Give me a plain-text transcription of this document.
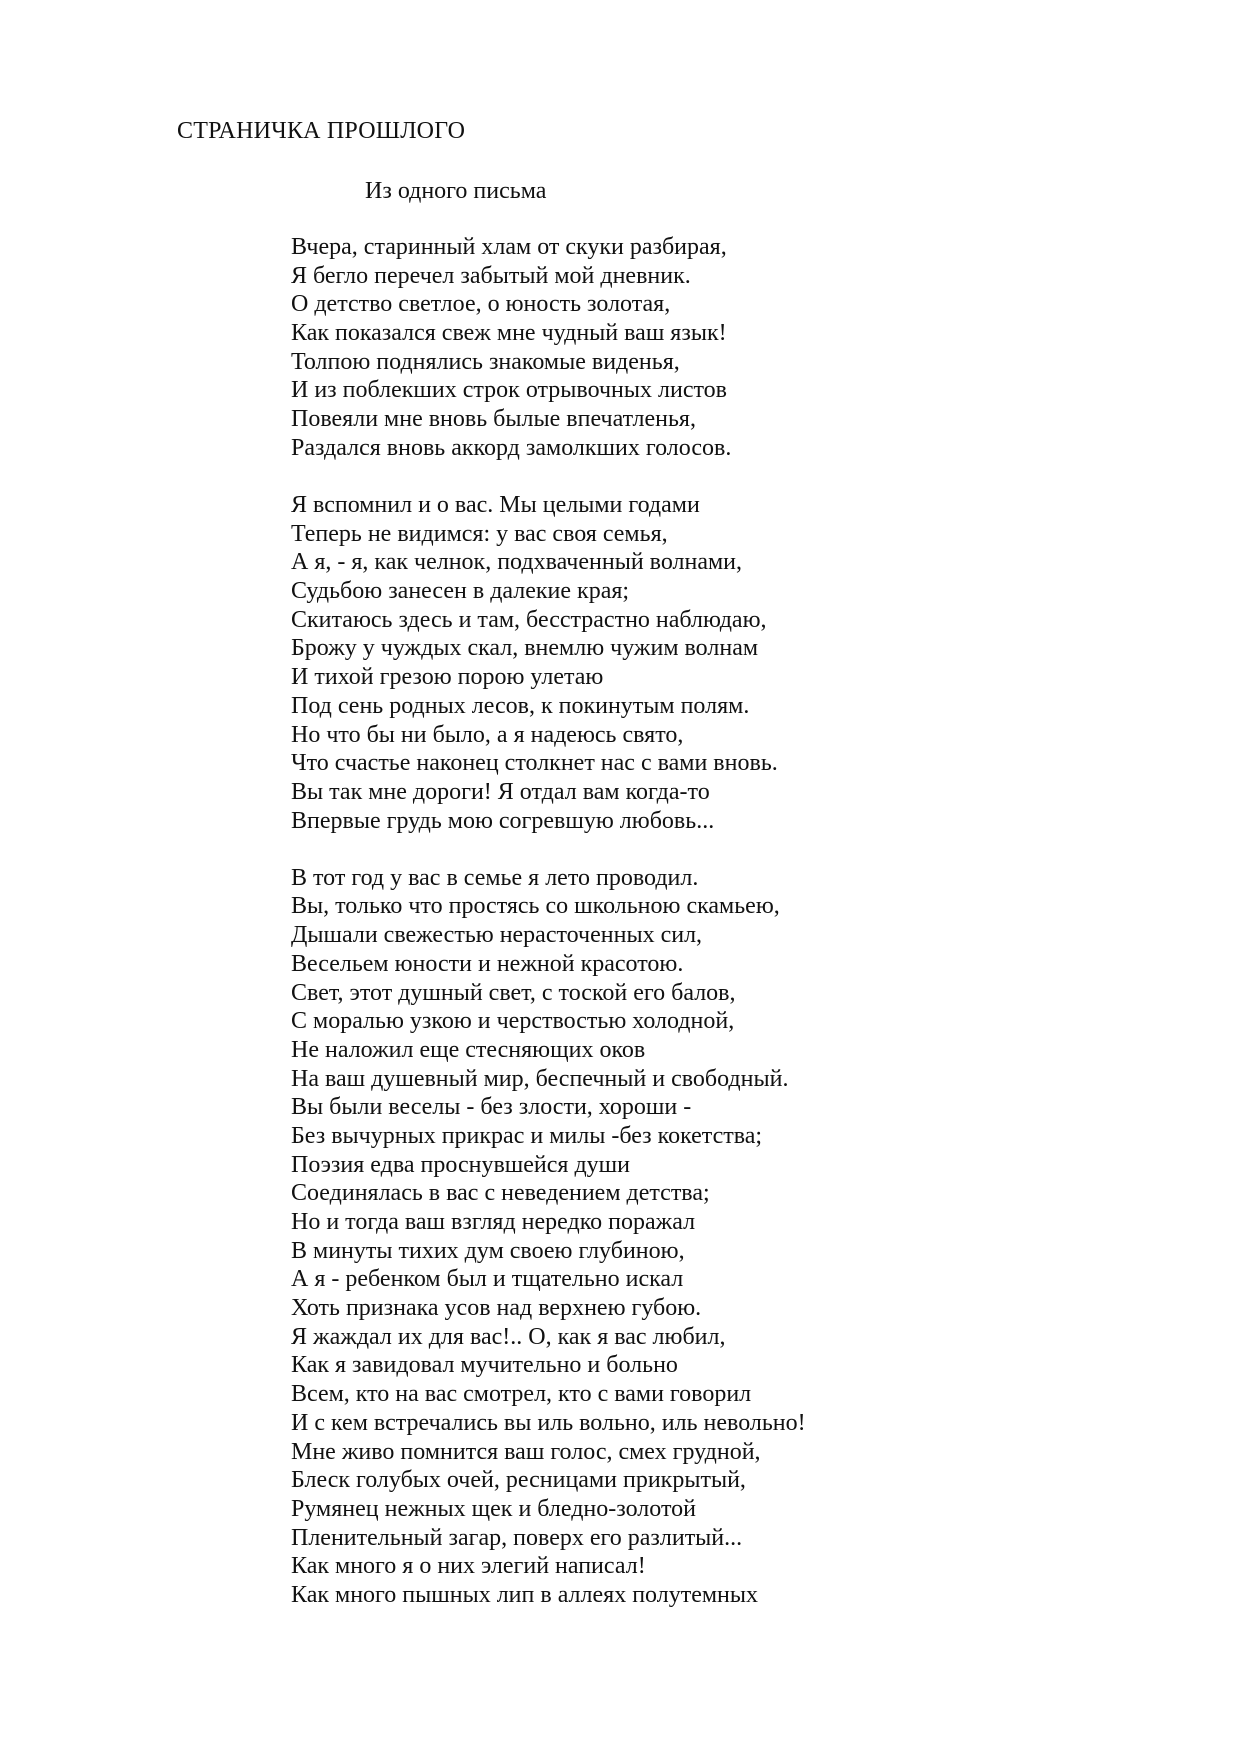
СТРАНИЧКА ПРОШЛОГО
Из одного письма
Вчера, старинный хлам от скуки разбирая,
Я бегло перечел забытый мой дневник.
О детство светлое, о юность золотая,
Как показался свеж мне чудный ваш язык!
Толпою поднялись знакомые виденья,
И из поблекших строк отрывочных листов
Повеяли мне вновь былые впечатленья,
Раздался вновь аккорд замолкших голосов.
Я вспомнил и о вас. Мы целыми годами
Теперь не видимся: у вас своя семья,
А я, - я, как челнок, подхваченный волнами,
Судьбою занесен в далекие края;
Скитаюсь здесь и там, бесстрастно наблюдаю,
Брожу у чуждых скал, внемлю чужим волнам
И тихой грезою порою улетаю
Под сень родных лесов, к покинутым полям.
Но что бы ни было, а я надеюсь свято,
Что счастье наконец столкнет нас с вами вновь.
Вы так мне дороги! Я отдал вам когда-то
Впервые грудь мою согревшую любовь...
В тот год у вас в семье я лето проводил.
Вы, только что простясь со школьною скамьею,
Дышали свежестью нерасточенных сил,
Весельем юности и нежной красотою.
Свет, этот душный свет, с тоской его балов,
С моралью узкою и черствостью холодной,
Не наложил еще стесняющих оков
На ваш душевный мир, беспечный и свободный.
Вы были веселы - без злости, хороши -
Без вычурных прикрас и милы -без кокетства;
Поэзия едва проснувшейся души
Соединялась в вас с неведением детства;
Но и тогда ваш взгляд нередко поражал
В минуты тихих дум своею глубиною,
А я - ребенком был и тщательно искал
Хоть признака усов над верхнею губою.
Я жаждал их для вас!.. О, как я вас любил,
Как я завидовал мучительно и больно
Всем, кто на вас смотрел, кто с вами говорил
И с кем встречались вы иль вольно, иль невольно!
Мне живо помнится ваш голос, смех грудной,
Блеск голубых очей, ресницами прикрытый,
Румянец нежных щек и бледно-золотой
Пленительный загар, поверх его разлитый...
Как много я о них элегий написал!
Как много пышных лип в аллеях полутемных
